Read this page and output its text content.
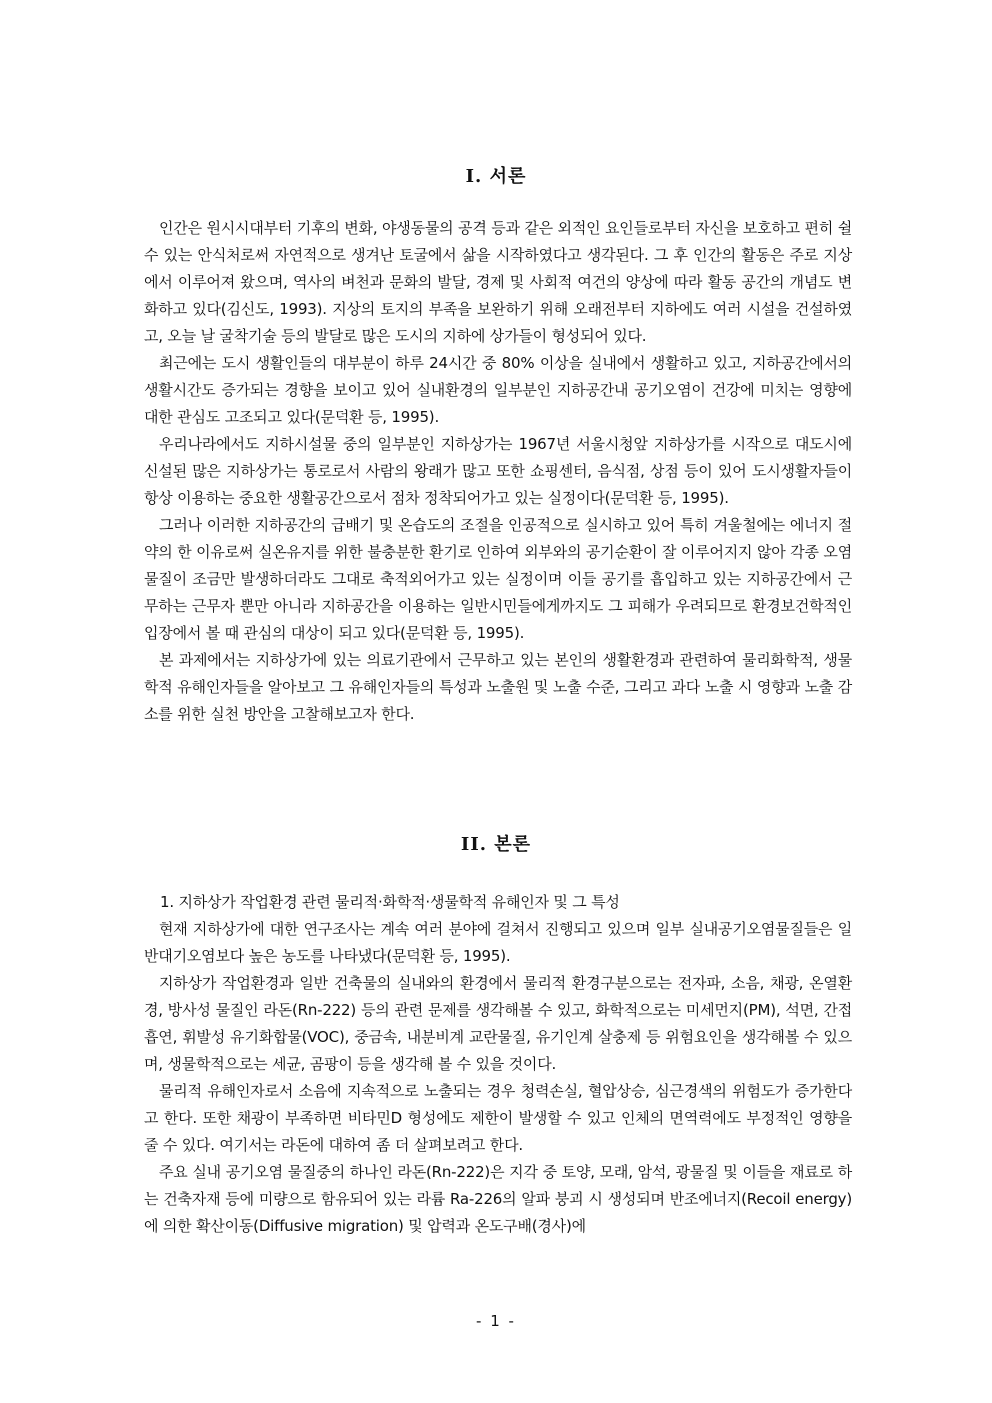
I. 서론

인간은 원시시대부터 기후의 변화, 야생동물의 공격 등과 같은 외적인 요인들로부터 자신을 보호하고 편히 쉴 수 있는 안식처로써 자연적으로 생겨난 토굴에서 삶을 시작하였다고 생각된다. 그 후 인간의 활동은 주로 지상에서 이루어져 왔으며, 역사의 벼천과 문화의 발달, 경제 및 사회적 여건의 양상에 따라 활동 공간의 개념도 변화하고 있다(김신도, 1993). 지상의 토지의 부족을 보완하기 위해 오래전부터 지하에도 여러 시설을 건설하였고, 오늘 날 굴착기술 등의 발달로 많은 도시의 지하에 상가들이 형성되어 있다.

최근에는 도시 생활인들의 대부분이 하루 24시간 중 80% 이상을 실내에서 생활하고 있고, 지하공간에서의 생활시간도 증가되는 경향을 보이고 있어 실내환경의 일부분인 지하공간내 공기오염이 건강에 미치는 영향에 대한 관심도 고조되고 있다(문덕환 등, 1995).

우리나라에서도 지하시설물 중의 일부분인 지하상가는 1967년 서울시청앞 지하상가를 시작으로 대도시에 신설된 많은 지하상가는 통로로서 사람의 왕래가 많고 또한 쇼핑센터, 음식점, 상점 등이 있어 도시생활자들이 항상 이용하는 중요한 생활공간으로서 점차 정착되어가고 있는 실정이다(문덕환 등, 1995).

그러나 이러한 지하공간의 급배기 및 온습도의 조절을 인공적으로 실시하고 있어 특히 겨울철에는 에너지 절약의 한 이유로써 실온유지를 위한 불충분한 환기로 인하여 외부와의 공기순환이 잘 이루어지지 않아 각종 오염물질이 조금만 발생하더라도 그대로 축적외어가고 있는 실정이며 이들 공기를 흡입하고 있는 지하공간에서 근무하는 근무자 뿐만 아니라 지하공간을 이용하는 일반시민들에게까지도 그 피해가 우려되므로 환경보건학적인 입장에서 볼 때 관심의 대상이 되고 있다(문덕환 등, 1995).

본 과제에서는 지하상가에 있는 의료기관에서 근무하고 있는 본인의 생활환경과 관련하여 물리화학적, 생물학적 유해인자들을 알아보고 그 유해인자들의 특성과 노출원 및 노출 수준, 그리고 과다 노출 시 영향과 노출 감소를 위한 실천 방안을 고찰해보고자 한다.

II. 본론

1. 지하상가 작업환경 관련 물리적·화학적·생물학적 유해인자 및 그 특성

현재 지하상가에 대한 연구조사는 계속 여러 분야에 걸쳐서 진행되고 있으며 일부 실내공기오염물질들은 일반대기오염보다 높은 농도를 나타냈다(문덕환 등, 1995).

지하상가 작업환경과 일반 건축물의 실내와의 환경에서 물리적 환경구분으로는 전자파, 소음, 채광, 온열환경, 방사성 물질인 라돈(Rn-222) 등의 관련 문제를 생각해볼 수 있고, 화학적으로는 미세먼지(PM), 석면, 간접흡연, 휘발성 유기화합물(VOC), 중금속, 내분비계 교란물질, 유기인계 살충제 등 위험요인을 생각해볼 수 있으며, 생물학적으로는 세균, 곰팡이 등을 생각해 볼 수 있을 것이다.

물리적 유해인자로서 소음에 지속적으로 노출되는 경우 청력손실, 혈압상승, 심근경색의 위험도가 증가한다고 한다. 또한 채광이 부족하면 비타민D 형성에도 제한이 발생할 수 있고 인체의 면역력에도 부정적인 영향을 줄 수 있다. 여기서는 라돈에 대하여 좀 더 살펴보려고 한다.

주요 실내 공기오염 물질중의 하나인 라돈(Rn-222)은 지각 중 토양, 모래, 암석, 광물질 및 이들을 재료로 하는 건축자재 등에 미량으로 함유되어 있는 라륨 Ra-226의 알파 붕괴 시 생성되며 반조에너지(Recoil energy)에 의한 확산이동(Diffusive migration) 및 압력과 온도구배(경사)에

- 1 -
